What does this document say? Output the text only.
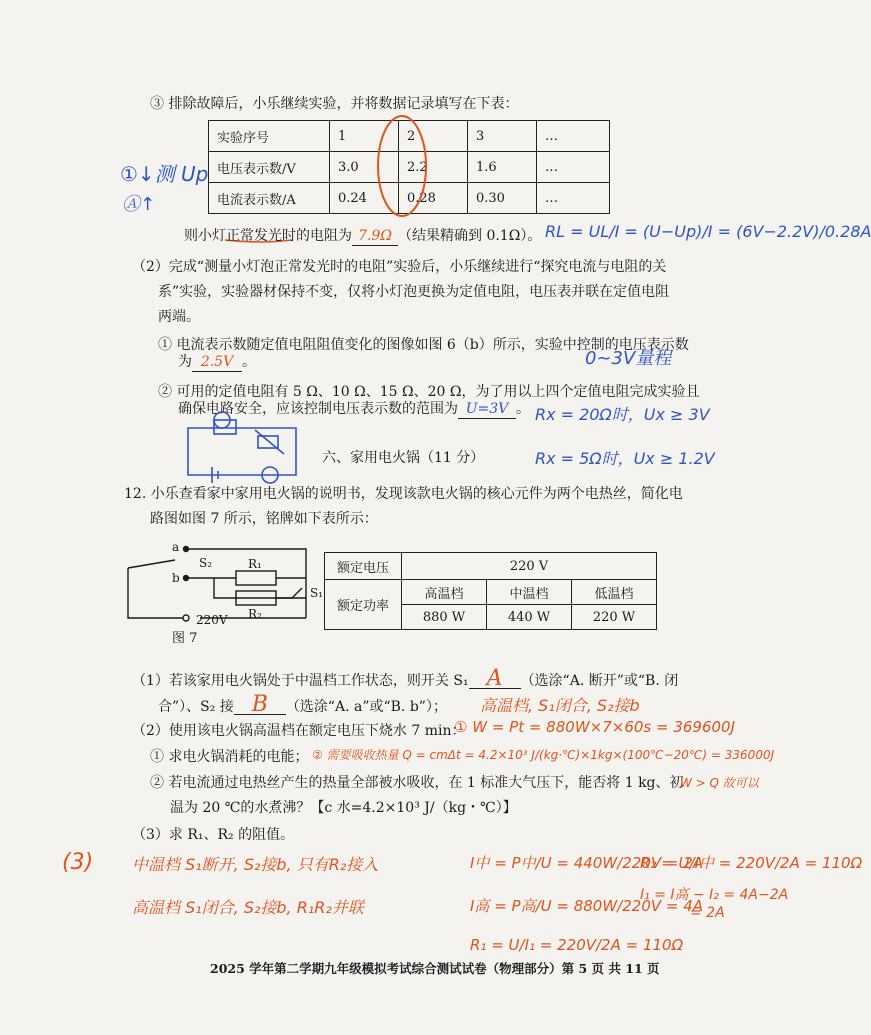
③ 排除故障后，小乐继续实验，并将数据记录填写在下表：
实验序号	1	2	3	…
电压表示数/V	3.0	2.2	1.6	…
电流表示数/A	0.24	0.28	0.30	…
①↓测 Up
Ⓐ↑
则小灯正常发光时的电阻为 7.9Ω （结果精确到 0.1Ω）。 RL = UL/I = (U−Up)/I = (6V−2.2V)/0.28A
（2）完成“测量小灯泡正常发光时的电阻”实验后，小乐继续进行“探究电流与电阻的关
系”实验，实验器材保持不变，仅将小灯泡更换为定值电阻，电压表并联在定值电阻
两端。
① 电流表示数随定值电阻阻值变化的图像如图 6（b）所示，实验中控制的电压表示数
为 2.5V 。	0~3V量程
② 可用的定值电阻有 5 Ω、10 Ω、15 Ω、20 Ω，为了用以上四个定值电阻完成实验且
确保电路安全，应该控制电压表示数的范围为 U=3V 。 Rx = 20Ω时，Ux ≥ 3V
Rx = 5Ω时，Ux ≥ 1.2V
六、家用电火锅（11 分）
12. 小乐查看家中家用电火锅的说明书，发现该款电火锅的核心元件为两个电热丝，简化电
路图如图 7 所示，铭牌如下表所示：
a
b
S₂	R₁
R₂
S₁
220V
图 7
额定电压	220 V		
额定功率	高温档	中温档	低温档
	880 W	440 W	220 W
（1）若该家用电火锅处于中温档工作状态，则开关 S₁ A （选涂“A. 断开”或“B. 闭
合”）、S₂ 接 B （选涂“A. a”或“B. b”）； 高温档, S₁闭合, S₂接b
（2）使用该电火锅高温档在额定电压下烧水 7 min：
① W = Pt = 880W×7×60s = 369600J
① 求电火锅消耗的电能； ② 需要吸收热量 Q = cmΔt = 4.2×10³ J/(kg·℃)×1kg×(100℃−20℃) = 336000J
② 若电流通过电热丝产生的热量全部被水吸收，在 1 标准大气压下，能否将 1 kg、初
W > Q 故可以
温为 20 ℃的水煮沸？【c 水=4.2×10³ J/（kg・℃）】
（3）求 R₁、R₂ 的阻值。
(3) 中温档 S₁断开, S₂接b, 只有R₂接入	I中 = P中/U = 440W/220V = 2A
R₂ = U/I中 = 220V/2A = 110Ω
高温档 S₁闭合, S₂接b, R₁R₂并联	I高 = P高/U = 880W/220V = 4A
I₁ = I高 − I₂ = 4A−2A
= 2A
R₁ = U/I₁ = 220V/2A = 110Ω
2025 学年第二学期九年级模拟考试综合测试试卷（物理部分）第 5 页 共 11 页
